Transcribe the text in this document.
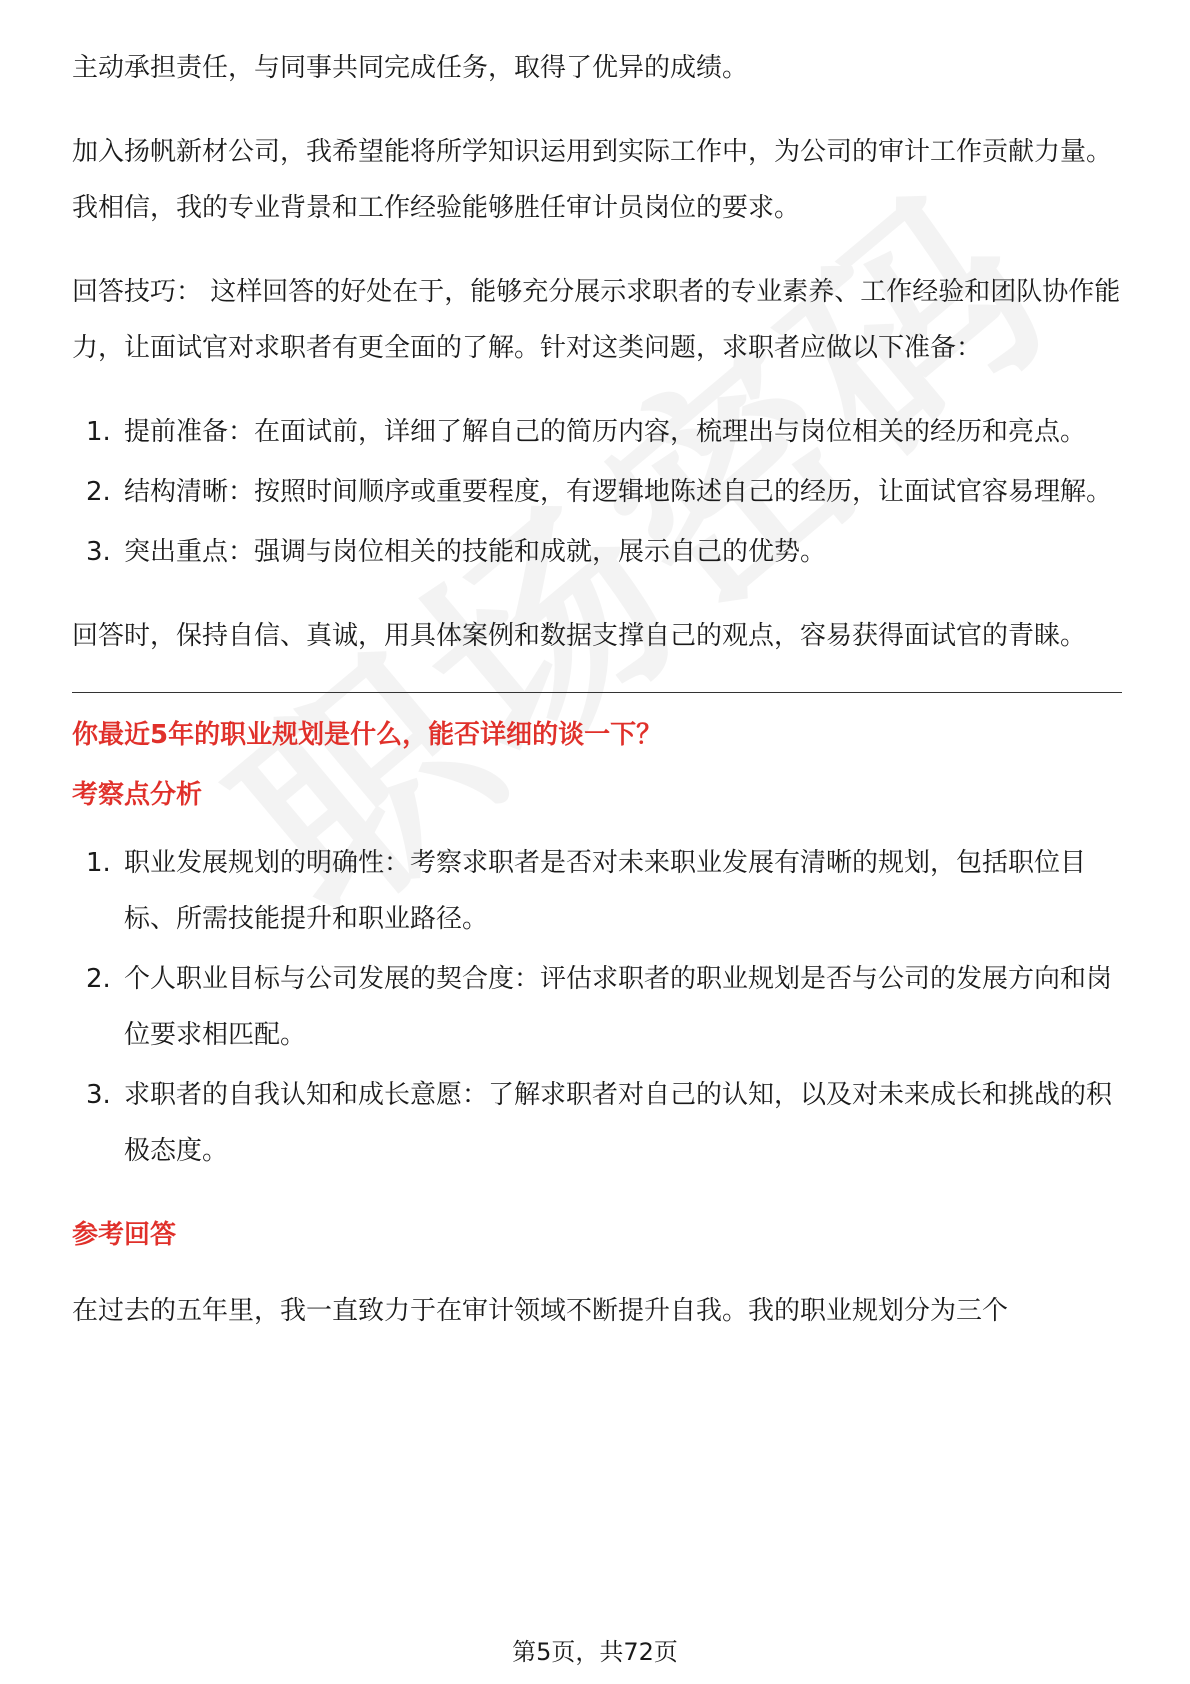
主动承担责任，与同事共同完成任务，取得了优异的成绩。

加入扬帆新材公司，我希望能将所学知识运用到实际工作中，为公司的审计工作贡献力量。我相信，我的专业背景和工作经验能够胜任审计员岗位的要求。

回答技巧： 这样回答的好处在于，能够充分展示求职者的专业素养、工作经验和团队协作能力，让面试官对求职者有更全面的了解。针对这类问题，求职者应做以下准备：

1. 提前准备：在面试前，详细了解自己的简历内容，梳理出与岗位相关的经历和亮点。
2. 结构清晰：按照时间顺序或重要程度，有逻辑地陈述自己的经历，让面试官容易理解。
3. 突出重点：强调与岗位相关的技能和成就，展示自己的优势。

回答时，保持自信、真诚，用具体案例和数据支撑自己的观点，容易获得面试官的青睐。

你最近5年的职业规划是什么，能否详细的谈一下？
考察点分析
1. 职业发展规划的明确性：考察求职者是否对未来职业发展有清晰的规划，包括职位目标、所需技能提升和职业路径。
2. 个人职业目标与公司发展的契合度：评估求职者的职业规划是否与公司的发展方向和岗位要求相匹配。
3. 求职者的自我认知和成长意愿：了解求职者对自己的认知，以及对未来成长和挑战的积极态度。
参考回答

在过去的五年里，我一直致力于在审计领域不断提升自我。我的职业规划分为三个

第5页，共72页
